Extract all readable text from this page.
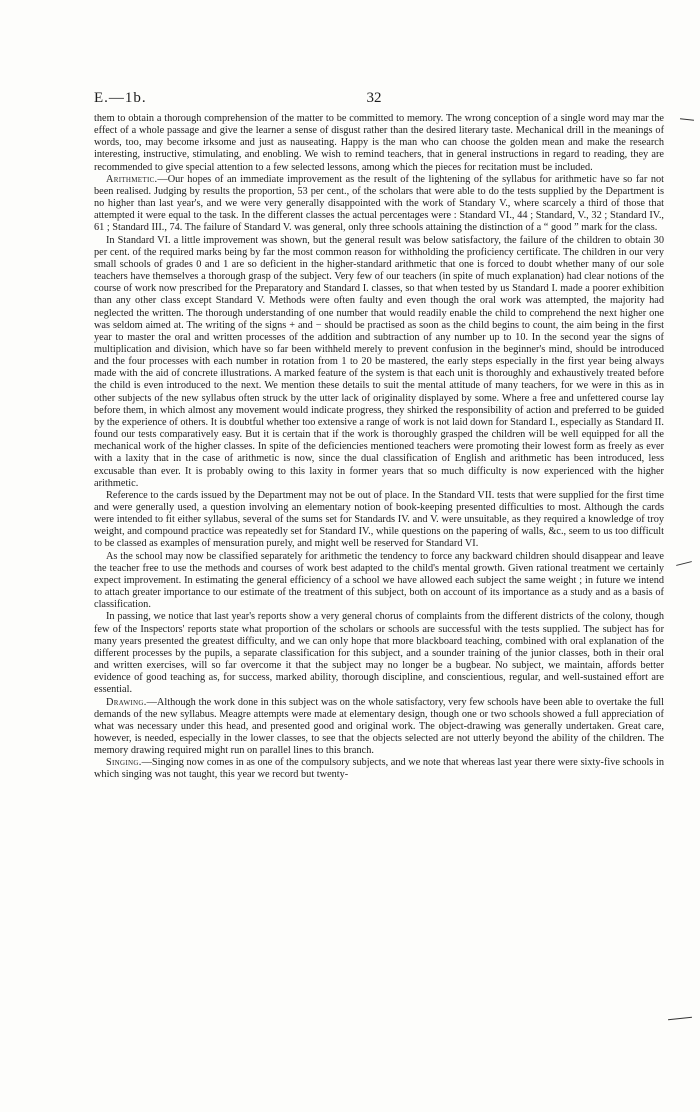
E.—1b.	32

them to obtain a thorough comprehension of the matter to be committed to memory. The wrong conception of a single word may mar the effect of a whole passage and give the learner a sense of disgust rather than the desired literary taste. Mechanical drill in the meanings of words, too, may become irksome and just as nauseating. Happy is the man who can choose the golden mean and make the research interesting, instructive, stimulating, and enobling. We wish to remind teachers, that in general instructions in regard to reading, they are recommended to give special attention to a few selected lessons, among which the pieces for recitation must be included.

Arithmetic.—Our hopes of an immediate improvement as the result of the lightening of the syllabus for arithmetic have so far not been realised. Judging by results the proportion, 53 per cent., of the scholars that were able to do the tests supplied by the Department is no higher than last year's, and we were very generally disappointed with the work of Standary V., where scarcely a third of those that attempted it were equal to the task. In the different classes the actual percentages were : Standard VI., 44 ; Standard, V., 32 ; Standard IV., 61 ; Standard III., 74. The failure of Standard V. was general, only three schools attaining the distinction of a “ good ” mark for the class.

In Standard VI. a little improvement was shown, but the general result was below satisfactory, the failure of the children to obtain 30 per cent. of the required marks being by far the most common reason for withholding the proficiency certificate. The children in our very small schools of grades 0 and 1 are so deficient in the higher-standard arithmetic that one is forced to doubt whether many of our sole teachers have themselves a thorough grasp of the subject. Very few of our teachers (in spite of much explanation) had clear notions of the course of work now prescribed for the Preparatory and Standard I. classes, so that when tested by us Standard I. made a poorer exhibition than any other class except Standard V. Methods were often faulty and even though the oral work was attempted, the majority had neglected the written. The thorough understanding of one number that would readily enable the child to comprehend the next higher one was seldom aimed at. The writing of the signs + and − should be practised as soon as the child begins to count, the aim being in the first year to master the oral and written processes of the addition and subtraction of any number up to 10. In the second year the signs of multiplication and division, which have so far been withheld merely to prevent confusion in the beginner's mind, should be introduced and the four processes with each number in rotation from 1 to 20 be mastered, the early steps especially in the first year being always made with the aid of concrete illustrations. A marked feature of the system is that each unit is thoroughly and exhaustively treated before the child is even introduced to the next. We mention these details to suit the mental attitude of many teachers, for we were in this as in other subjects of the new syllabus often struck by the utter lack of originality displayed by some. Where a free and unfettered course lay before them, in which almost any movement would indicate progress, they shirked the responsibility of action and preferred to be guided by the experience of others. It is doubtful whether too extensive a range of work is not laid down for Standard I., especially as Standard II. found our tests comparatively easy. But it is certain that if the work is thoroughly grasped the children will be well equipped for all the mechanical work of the higher classes. In spite of the deficiencies mentioned teachers were promoting their lowest form as freely as ever with a laxity that in the case of arithmetic is now, since the dual classification of English and arithmetic has been introduced, less excusable than ever. It is probably owing to this laxity in former years that so much difficulty is now experienced with the higher arithmetic.

Reference to the cards issued by the Department may not be out of place. In the Standard VII. tests that were supplied for the first time and were generally used, a question involving an elementary notion of book-keeping presented difficulties to most. Although the cards were intended to fit either syllabus, several of the sums set for Standards IV. and V. were unsuitable, as they required a knowledge of troy weight, and compound practice was repeatedly set for Standard IV., while questions on the papering of walls, &c., seem to us too difficult to be classed as examples of mensuration purely, and might well be reserved for Standard VI.

As the school may now be classified separately for arithmetic the tendency to force any backward children should disappear and leave the teacher free to use the methods and courses of work best adapted to the child's mental growth. Given rational treatment we certainly expect improvement. In estimating the general efficiency of a school we have allowed each subject the same weight ; in future we intend to attach greater importance to our estimate of the treatment of this subject, both on account of its importance as a study and as a basis of classification.

In passing, we notice that last year's reports show a very general chorus of complaints from the different districts of the colony, though few of the Inspectors' reports state what proportion of the scholars or schools are successful with the tests supplied. The subject has for many years presented the greatest difficulty, and we can only hope that more blackboard teaching, combined with oral explanation of the different processes by the pupils, a separate classification for this subject, and a sounder training of the junior classes, both in their oral and written exercises, will so far overcome it that the subject may no longer be a bugbear. No subject, we maintain, affords better evidence of good teaching as, for success, marked ability, thorough discipline, and conscientious, regular, and well-sustained effort are essential.

Drawing.—Although the work done in this subject was on the whole satisfactory, very few schools have been able to overtake the full demands of the new syllabus. Meagre attempts were made at elementary design, though one or two schools showed a full appreciation of what was necessary under this head, and presented good and original work. The object-drawing was generally undertaken. Great care, however, is needed, especially in the lower classes, to see that the objects selected are not utterly beyond the ability of the children. The memory drawing required might run on parallel lines to this branch.

Singing.—Singing now comes in as one of the compulsory subjects, and we note that whereas last year there were sixty-five schools in which singing was not taught, this year we record but twenty-
